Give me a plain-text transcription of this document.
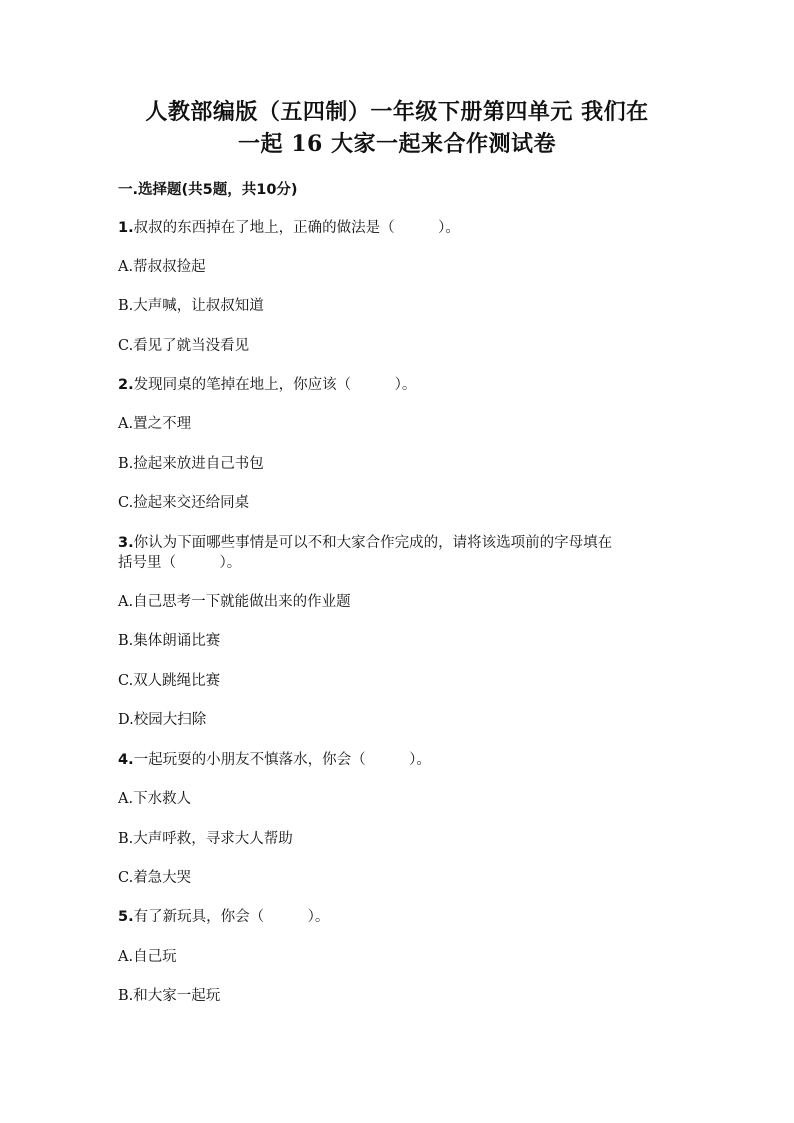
人教部编版（五四制）一年级下册第四单元 我们在
一起 16 大家一起来合作测试卷
一.选择题(共5题，共10分)
1.叔叔的东西掉在了地上，正确的做法是（　　　）。
A.帮叔叔捡起
B.大声喊，让叔叔知道
C.看见了就当没看见
2.发现同桌的笔掉在地上，你应该（　　　）。
A.置之不理
B.捡起来放进自己书包
C.捡起来交还给同桌
3.你认为下面哪些事情是可以不和大家合作完成的，请将该选项前的字母填在
括号里（　　　）。
A.自己思考一下就能做出来的作业题
B.集体朗诵比赛
C.双人跳绳比赛
D.校园大扫除
4.一起玩耍的小朋友不慎落水，你会（　　　）。
A.下水救人
B.大声呼救，寻求大人帮助
C.着急大哭
5.有了新玩具，你会（　　　）。
A.自己玩
B.和大家一起玩
